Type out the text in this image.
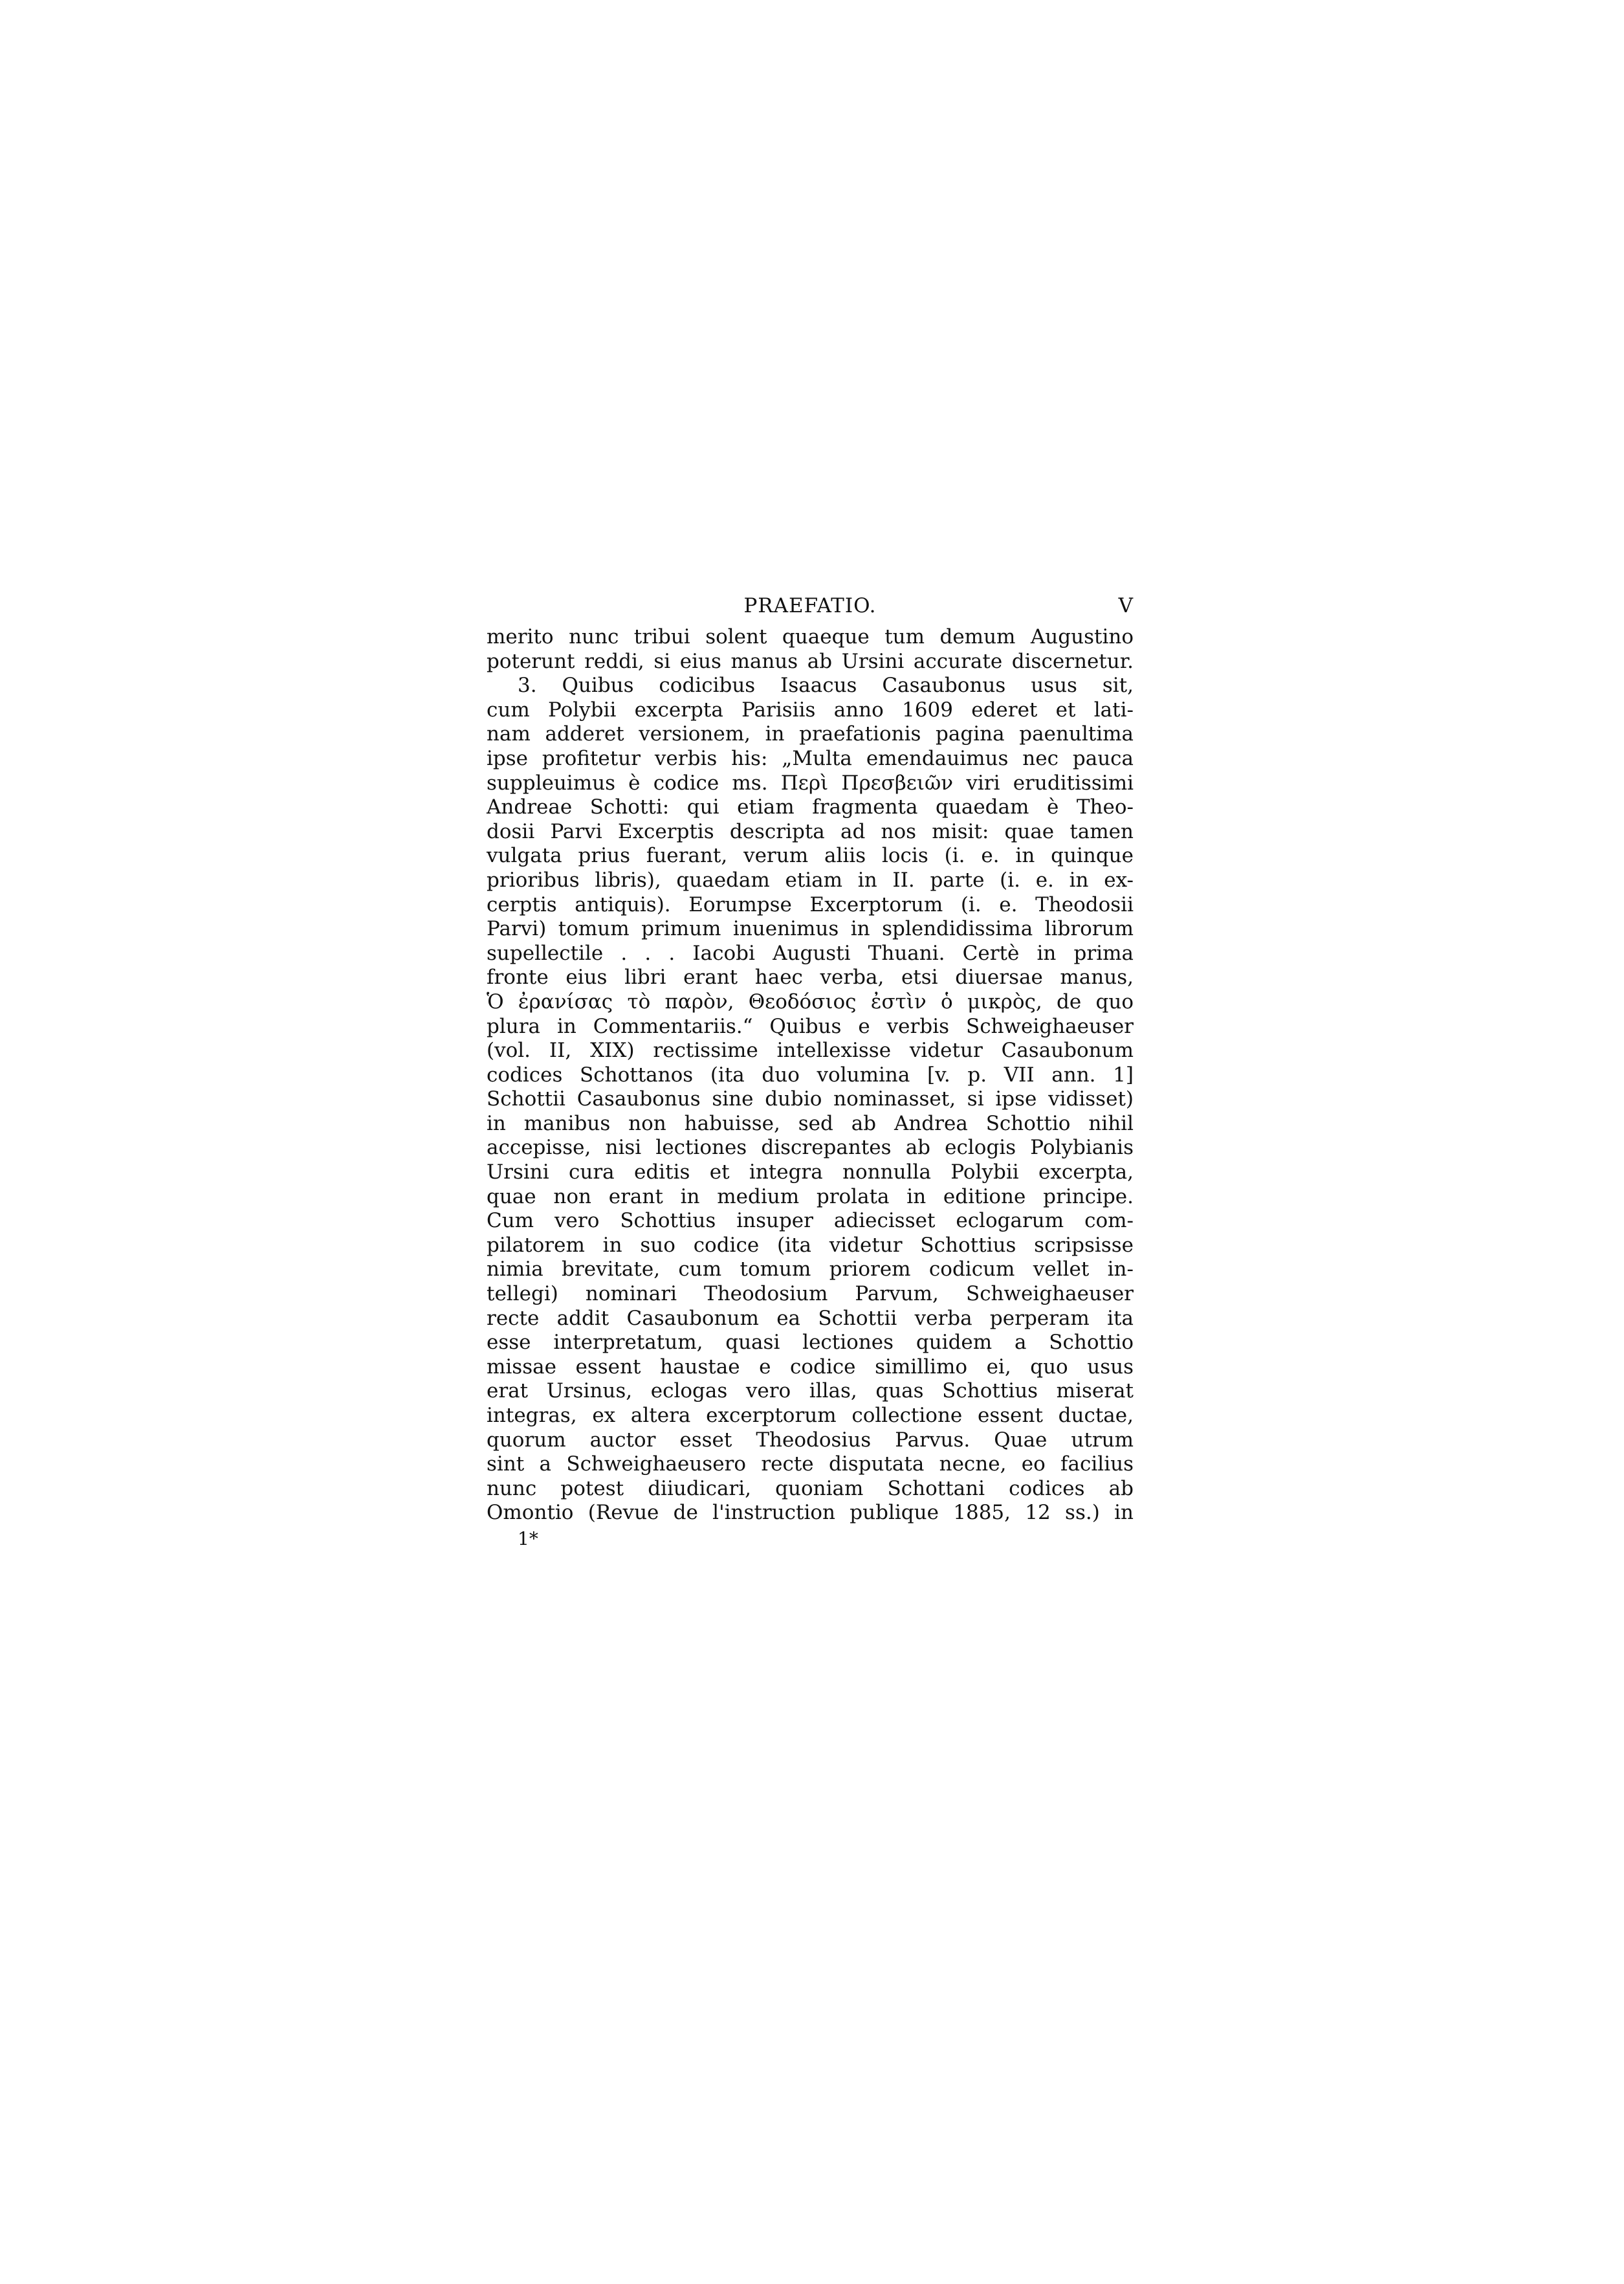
PRAEFATIO.	V
merito nunc tribui solent quaeque tum demum Augustino
poterunt reddi, si eius manus ab Ursini accurate discernetur.
3. Quibus codicibus Isaacus Casaubonus usus sit,
cum Polybii excerpta Parisiis anno 1609 ederet et lati-
nam adderet versionem, in praefationis pagina paenultima
ipse profitetur verbis his: „Multa emendauimus nec pauca
suppleuimus è codice ms. Περὶ Πρεσβειῶν viri eruditissimi
Andreae Schotti: qui etiam fragmenta quaedam è Theo-
dosii Parvi Excerptis descripta ad nos misit: quae tamen
vulgata prius fuerant, verum aliis locis (i. e. in quinque
prioribus libris), quaedam etiam in II. parte (i. e. in ex-
cerptis antiquis). Eorumpse Excerptorum (i. e. Theodosii
Parvi) tomum primum inuenimus in splendidissima librorum
supellectile . . . Iacobi Augusti Thuani. Certè in prima
fronte eius libri erant haec verba, etsi diuersae manus,
Ὁ ἐρανίσας τὸ παρὸν, Θεοδόσιος ἐστὶν ὁ μικρὸς, de quo
plura in Commentariis.“ Quibus e verbis Schweighaeuser
(vol. II, XIX) rectissime intellexisse videtur Casaubonum
codices Schottanos (ita duo volumina [v. p. VII ann. 1]
Schottii Casaubonus sine dubio nominasset, si ipse vidisset)
in manibus non habuisse, sed ab Andrea Schottio nihil
accepisse, nisi lectiones discrepantes ab eclogis Polybianis
Ursini cura editis et integra nonnulla Polybii excerpta,
quae non erant in medium prolata in editione principe.
Cum vero Schottius insuper adiecisset eclogarum com-
pilatorem in suo codice (ita videtur Schottius scripsisse
nimia brevitate, cum tomum priorem codicum vellet in-
tellegi) nominari Theodosium Parvum, Schweighaeuser
recte addit Casaubonum ea Schottii verba perperam ita
esse interpretatum, quasi lectiones quidem a Schottio
missae essent haustae e codice simillimo ei, quo usus
erat Ursinus, eclogas vero illas, quas Schottius miserat
integras, ex altera excerptorum collectione essent ductae,
quorum auctor esset Theodosius Parvus. Quae utrum
sint a Schweighaeusero recte disputata necne, eo facilius
nunc potest diiudicari, quoniam Schottani codices ab
Omontio (Revue de l'instruction publique 1885, 12 ss.) in
1*
